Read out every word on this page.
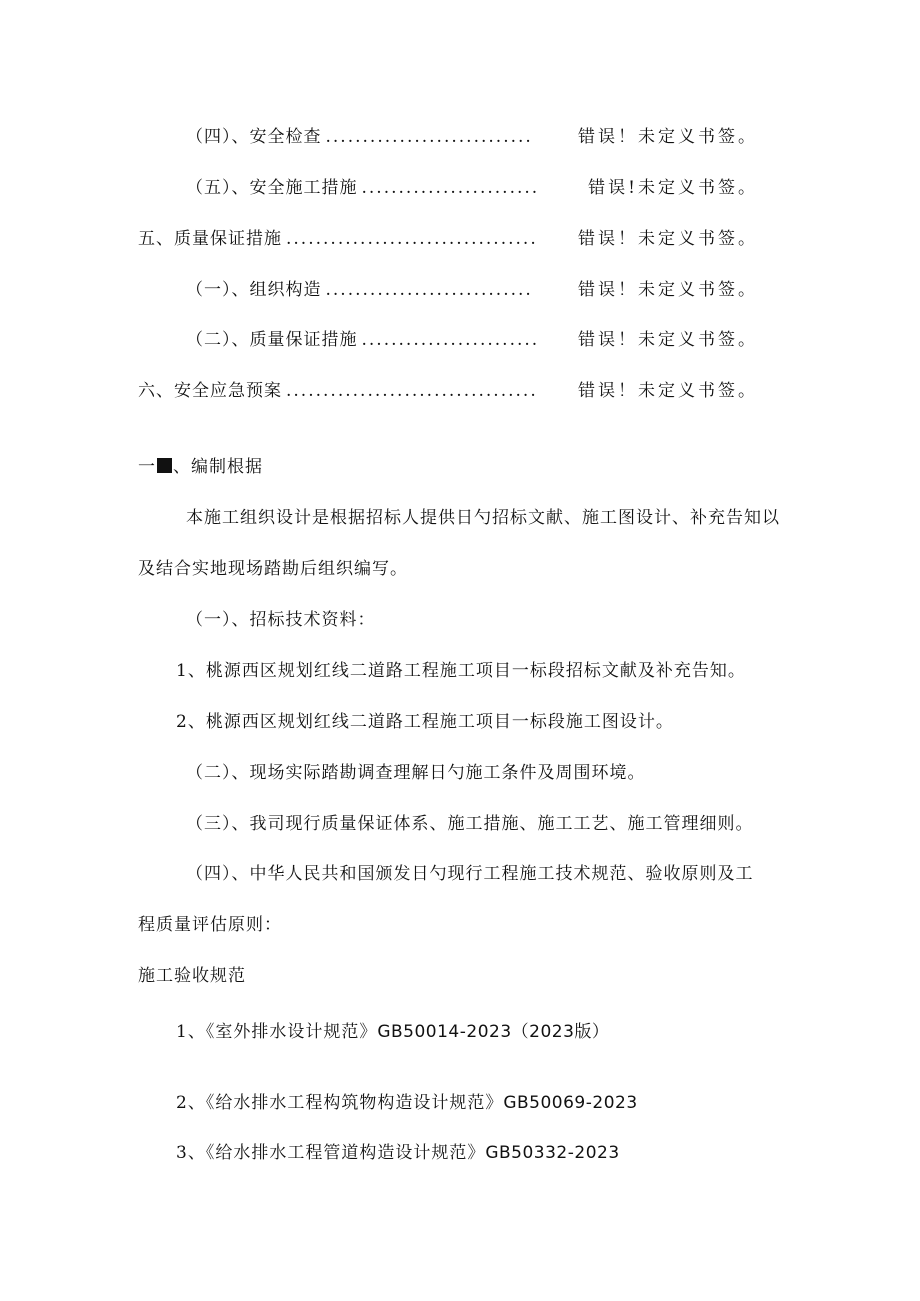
（四）、安全检查 ............................	错误！未定义书签。
（五）、安全施工措施 ........................	错误!未定义书签。
五、质量保证措施 ..................................	错误！未定义书签。
（一）、组织构造 ............................	错误！未定义书签。
（二）、质量保证措施 ........................	错误！未定义书签。
六、安全应急预案 ..................................	错误！未定义书签。
一 、编制根据
本施工组织设计是根据招标人提供日勺招标文献、施工图设计、补充告知以
及结合实地现场踏勘后组织编写。
（一）、招标技术资料：
1、桃源西区规划红线二道路工程施工项目一标段招标文献及补充告知。
2、桃源西区规划红线二道路工程施工项目一标段施工图设计。
（二）、现场实际踏勘调查理解日勺施工条件及周围环境。
（三）、我司现行质量保证体系、施工措施、施工工艺、施工管理细则。
（四）、中华人民共和国颁发日勺现行工程施工技术规范、验收原则及工
程质量评估原则：
施工验收规范
1、《室外排水设计规范》GB50014-2023（2023版）
2、《给水排水工程构筑物构造设计规范》GB50069-2023
3、《给水排水工程管道构造设计规范》GB50332-2023
